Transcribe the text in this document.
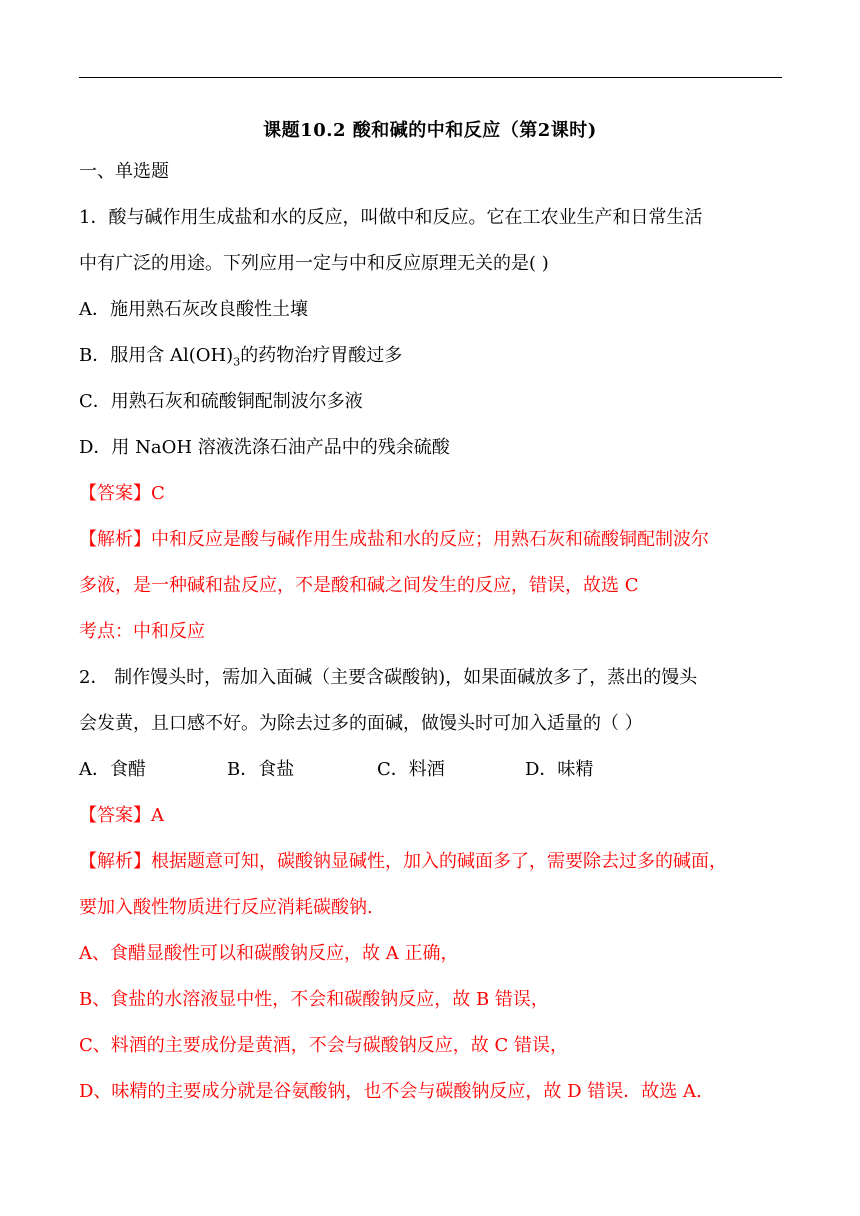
课题10.2 酸和碱的中和反应（第2课时)
一、单选题
1．酸与碱作用生成盐和水的反应，叫做中和反应。它在工农业生产和日常生活
中有广泛的用途。下列应用一定与中和反应原理无关的是( )
A．施用熟石灰改良酸性土壤
B．服用含 $Al(OH)_3$的药物治疗胃酸过多
C．用熟石灰和硫酸铜配制波尔多液
D．用 NaOH 溶液洗涤石油产品中的残余硫酸
【答案】C
【解析】中和反应是酸与碱作用生成盐和水的反应；用熟石灰和硫酸铜配制波尔
多液，是一种碱和盐反应，不是酸和碱之间发生的反应，错误，故选 C
考点：中和反应
2． 制作馒头时，需加入面碱（主要含碳酸钠)，如果面碱放多了，蒸出的馒头
会发黄，且口感不好。为除去过多的面碱，做馒头时可加入适量的（ ）
A．食醋	B．食盐	C．料酒	D．味精
【答案】A
【解析】根据题意可知，碳酸钠显碱性，加入的碱面多了，需要除去过多的碱面，
要加入酸性物质进行反应消耗碳酸钠.
A、食醋显酸性可以和碳酸钠反应，故 A 正确，
B、食盐的水溶液显中性，不会和碳酸钠反应，故 B 错误，
C、料酒的主要成份是黄酒，不会与碳酸钠反应，故 C 错误，
D、味精的主要成分就是谷氨酸钠，也不会与碳酸钠反应，故 D 错误．故选 A.
